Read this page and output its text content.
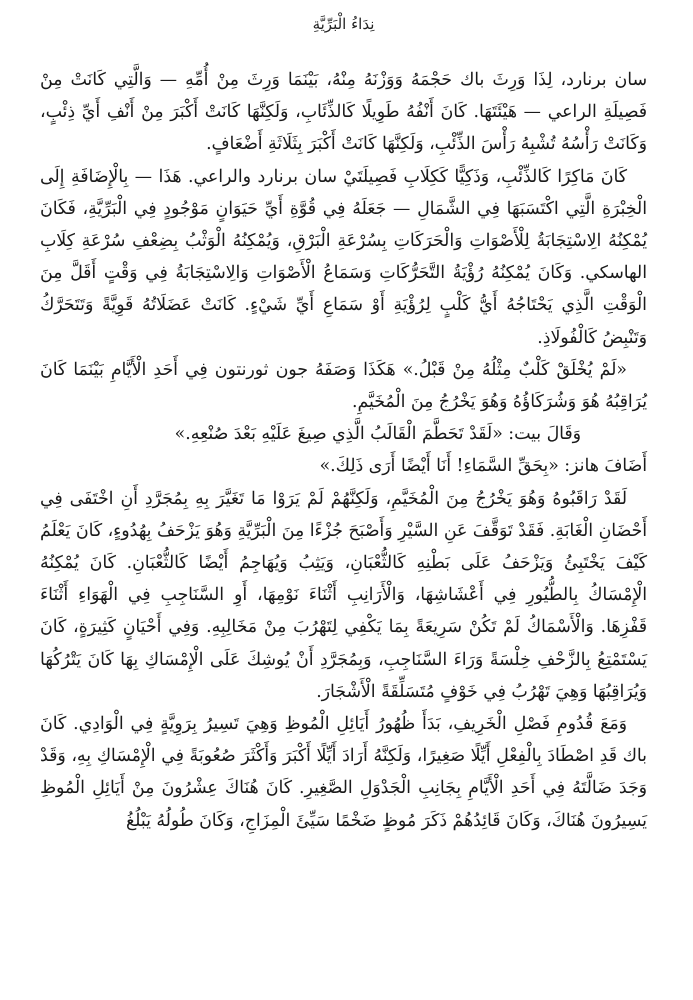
نِدَاءُ الْبَرِّيَّةِ

سان برنارد، لِذَا وَرِثَ باك حَجْمَهُ وَوَزْنَهُ مِنْهُ، بَيْنَمَا وَرِثَ مِنْ أُمِّهِ — وَالَّتِي كَانَتْ مِنْ فَصِيلَةِ الراعي — هَيْئَتَهَا. كَانَ أَنْفُهُ طَوِيلًا كَالذِّئَابِ، وَلَكِنَّهَا كَانَتْ أَكْبَرَ مِنْ أَنْفِ أَيِّ ذِئْبٍ، وَكَانَتْ رَأْسُهُ تُشْبِهُ رَأْسَ الذِّئْبِ، وَلَكِنَّهَا كَانَتْ أَكْبَرَ بِثَلَاثَةِ أَضْعَافٍ.

كَانَ مَاكِرًا كَالذِّئْبِ، وَذَكِيًّا كَكِلَابِ فَصِيلَتَيْ سان برنارد والراعي. هَذَا — بِالْإِضَافَةِ إِلَى الْخِبْرَةِ الَّتِي اكْتَسَبَهَا فِي الشَّمَالِ — جَعَلَهُ فِي قُوَّةِ أَيِّ حَيَوَانٍ مَوْجُودٍ فِي الْبَرِّيَّةِ، فَكَانَ يُمْكِنُهُ الِاسْتِجَابَةُ لِلْأَصْوَاتِ وَالْحَرَكَاتِ بِسُرْعَةِ الْبَرْقِ، وَيُمْكِنُهُ الْوَثْبُ بِضِعْفِ سُرْعَةِ كِلَابِ الهاسكي. وَكَانَ يُمْكِنُهُ رُؤْيَةُ التَّحَرُّكَاتِ وَسَمَاعُ الْأَصْوَاتِ وَالِاسْتِجَابَةُ فِي وَقْتٍ أَقَلَّ مِنَ الْوَقْتِ الَّذِي يَحْتَاجُهُ أَيُّ كَلْبٍ لِرُؤْيَةِ أَوْ سَمَاعِ أَيِّ شَيْءٍ. كَانَتْ عَضَلَاتُهُ قَوِيَّةً وَتَتَحَرَّكُ وَتَنْبِضُ كَالْفُولَاذِ.

«لَمْ يُخْلَقْ كَلْبٌ مِثْلُهُ مِنْ قَبْلُ.» هَكَذَا وَصَفَهُ جون ثورنتون فِي أَحَدِ الْأَيَّامِ بَيْنَمَا كَانَ يُرَاقِبُهُ هُوَ وَشُرَكَاؤُهُ وَهُوَ يَخْرُجُ مِنَ الْمُخَيَّمِ.

وَقَالَ بيت: «لَقَدْ تَحَطَّمَ الْقَالَبُ الَّذِي صِيغَ عَلَيْهِ بَعْدَ صُنْعِهِ.»

أَضَافَ هانز: «بِحَقِّ السَّمَاءِ! أَنَا أَيْضًا أَرَى ذَلِكَ.»

لَقَدْ رَاقَبُوهُ وَهُوَ يَخْرُجُ مِنَ الْمُخَيَّمِ، وَلَكِنَّهُمْ لَمْ يَرَوْا مَا تَغَيَّرَ بِهِ بِمُجَرَّدِ أَنِ اخْتَفَى فِي أَحْضَانِ الْغَابَةِ. فَقَدْ تَوَقَّفَ عَنِ السَّيْرِ وَأَصْبَحَ جُزْءًا مِنَ الْبَرِّيَّةِ وَهُوَ يَزْحَفُ بِهُدُوءٍ، كَانَ يَعْلَمُ كَيْفَ يَخْتَبِئُ وَيَزْحَفُ عَلَى بَطْنِهِ كَالثُّعْبَانِ، وَيَثِبُ وَيُهَاجِمُ أَيْضًا كَالثُّعْبَانِ. كَانَ يُمْكِنُهُ الْإِمْسَاكُ بِالطُّيُورِ فِي أَعْشَاشِهَا، وَالْأَرَانِبِ أَثْنَاءَ نَوْمِهَا، أَوِ السَّنَاجِبِ فِي الْهَوَاءِ أَثْنَاءَ قَفْزِهَا. وَالْأَسْمَاكُ لَمْ تَكُنْ سَرِيعَةً بِمَا يَكْفِي لِتَهْرُبَ مِنْ مَخَالِبِهِ. وَفِي أَحْيَانٍ كَثِيرَةٍ، كَانَ يَسْتَمْتِعُ بِالزَّحْفِ خِلْسَةً وَرَاءَ السَّنَاجِبِ، وَبِمُجَرَّدِ أَنْ يُوشِكَ عَلَى الْإِمْسَاكِ بِهَا كَانَ يَتْرُكُهَا وَيُرَاقِبُهَا وَهِيَ تَهْرُبُ فِي خَوْفٍ مُتَسَلِّقَةً الْأَشْجَارَ.

وَمَعَ قُدُومِ فَصْلِ الْخَرِيفِ، بَدَأَ ظُهُورُ أَيَائِلِ الْمُوظِ وَهِيَ تَسِيرُ بِرَوِيَّةٍ فِي الْوَادِي. كَانَ باك قَدِ اصْطَادَ بِالْفِعْلِ أَيِّلًا صَغِيرًا، وَلَكِنَّهُ أَرَادَ أَيِّلًا أَكْبَرَ وَأَكْثَرَ صُعُوبَةً فِي الْإِمْسَاكِ بِهِ، وَقَدْ وَجَدَ ضَالَّتَهُ فِي أَحَدِ الْأَيَّامِ بِجَانِبِ الْجَدْوَلِ الصَّغِيرِ. كَانَ هُنَاكَ عِشْرُونَ مِنْ أَيَائِلِ الْمُوظِ يَسِيرُونَ هُنَاكَ، وَكَانَ قَائِدُهُمْ ذَكَرَ مُوظٍ ضَخْمًا سَيِّئَ الْمِزَاجِ، وَكَانَ طُولُهُ يَبْلُغُ
